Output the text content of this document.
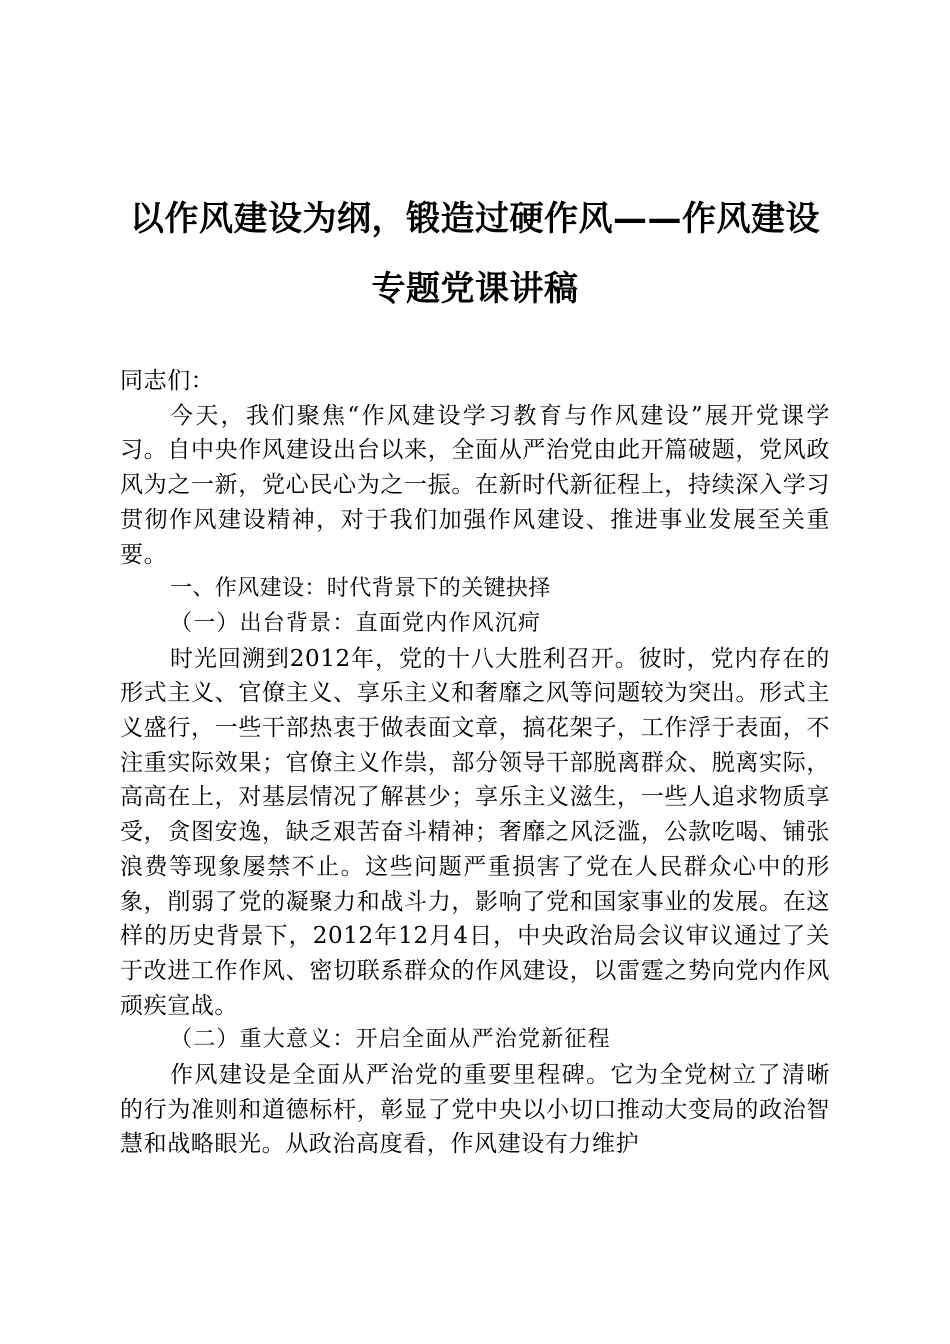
以作风建设为纲，锻造过硬作风——作风建设
专题党课讲稿

同志们：

今天，我们聚焦“作风建设学习教育与作风建设”展开党课学习。自中央作风建设出台以来，全面从严治党由此开篇破题，党风政风为之一新，党心民心为之一振。在新时代新征程上，持续深入学习贯彻作风建设精神，对于我们加强作风建设、推进事业发展至关重要。

一、作风建设：时代背景下的关键抉择

（一）出台背景：直面党内作风沉疴

时光回溯到2012年，党的十八大胜利召开。彼时，党内存在的形式主义、官僚主义、享乐主义和奢靡之风等问题较为突出。形式主义盛行，一些干部热衷于做表面文章，搞花架子，工作浮于表面，不注重实际效果；官僚主义作祟，部分领导干部脱离群众、脱离实际，高高在上，对基层情况了解甚少；享乐主义滋生，一些人追求物质享受，贪图安逸，缺乏艰苦奋斗精神；奢靡之风泛滥，公款吃喝、铺张浪费等现象屡禁不止。这些问题严重损害了党在人民群众心中的形象，削弱了党的凝聚力和战斗力，影响了党和国家事业的发展。在这样的历史背景下，2012年12月4日，中央政治局会议审议通过了关于改进工作作风、密切联系群众的作风建设，以雷霆之势向党内作风顽疾宣战。

（二）重大意义：开启全面从严治党新征程

作风建设是全面从严治党的重要里程碑。它为全党树立了清晰的行为准则和道德标杆，彰显了党中央以小切口推动大变局的政治智慧和战略眼光。从政治高度看，作风建设有力维护
